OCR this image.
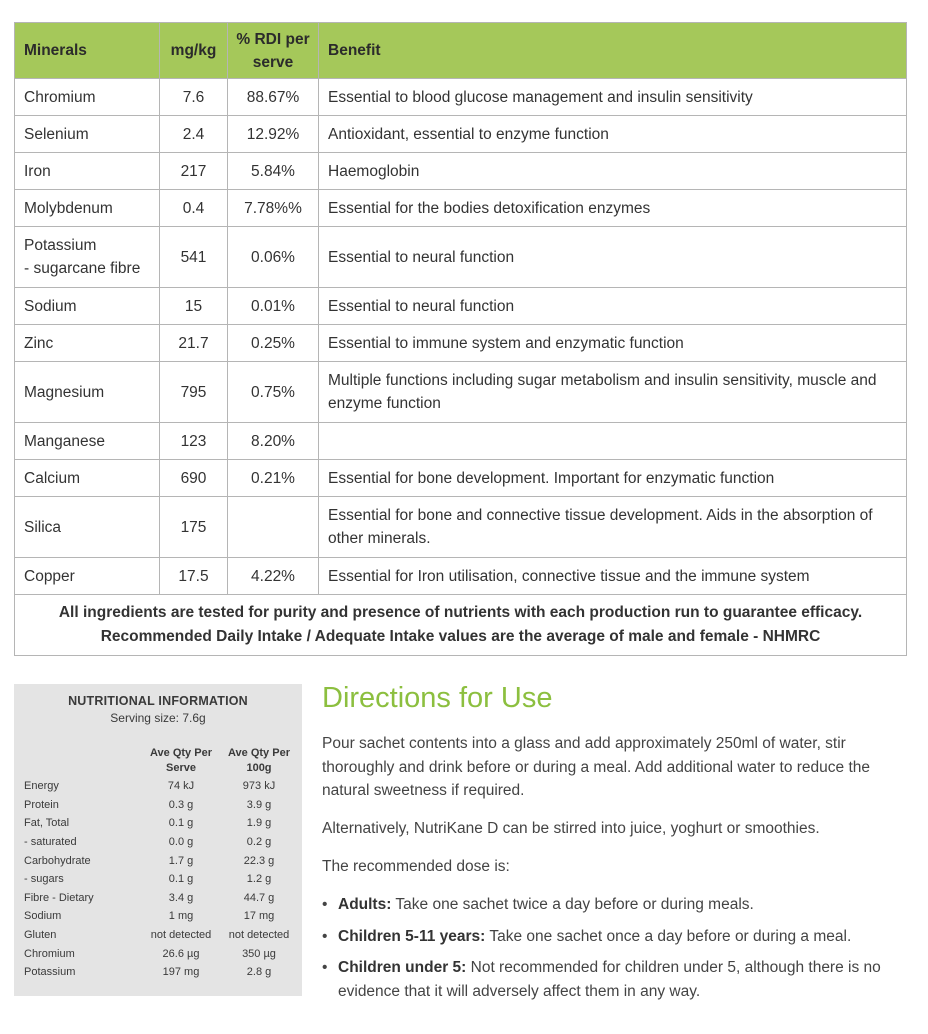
Minerals	mg/kg	% RDI per serve	Benefit
Chromium	7.6	88.67%	Essential to blood glucose management and insulin sensitivity
Selenium	2.4	12.92%	Antioxidant, essential to enzyme function
Iron	217	5.84%	Haemoglobin
Molybdenum	0.4	7.78%%	Essential for the bodies detoxification enzymes

Potassium
- sugarcane fibre	541	0.06%	Essential to neural function
Sodium	15	0.01%	Essential to neural function
Zinc	21.7	0.25%	Essential to immune system and enzymatic function
Magnesium	795	0.75%	Multiple functions including sugar metabolism and insulin sensitivity, muscle and enzyme function
Manganese	123	8.20%	
Calcium	690	0.21%	Essential for bone development. Important for enzymatic function
Silica	175		Essential for bone and connective tissue development. Aids in the absorption of other minerals.
Copper	17.5	4.22%	Essential for Iron utilisation, connective tissue and the immune system

All ingredients are tested for purity and presence of nutrients with each production run to guarantee efficacy.
Recommended Daily Intake / Adequate Intake values are the average of male and female - NHMRC			
NUTRITIONAL INFORMATION
Serving size: 7.6g
	Ave Qty Per Serve	Ave Qty Per 100g
Energy	74 kJ	973 kJ
Protein	0.3 g	3.9 g
Fat, Total	0.1 g	1.9 g
- saturated	0.0 g	0.2 g
Carbohydrate	1.7 g	22.3 g
- sugars	0.1 g	1.2 g
Fibre - Dietary	3.4 g	44.7 g
Sodium	1 mg	17 mg
Gluten	not detected	not detected
Chromium	26.6 µg	350 µg
Potassium	197 mg	2.8 g
Directions for Use

Pour sachet contents into a glass and add approximately 250ml of water, stir thoroughly and drink before or during a meal. Add additional water to reduce the natural sweetness if required.

Alternatively, NutriKane D can be stirred into juice, yoghurt or smoothies.

The recommended dose is:

• Adults: Take one sachet twice a day before or during meals.
• Children 5-11 years: Take one sachet once a day before or during a meal.
• Children under 5: Not recommended for children under 5, although there is no evidence that it will adversely affect them in any way.
